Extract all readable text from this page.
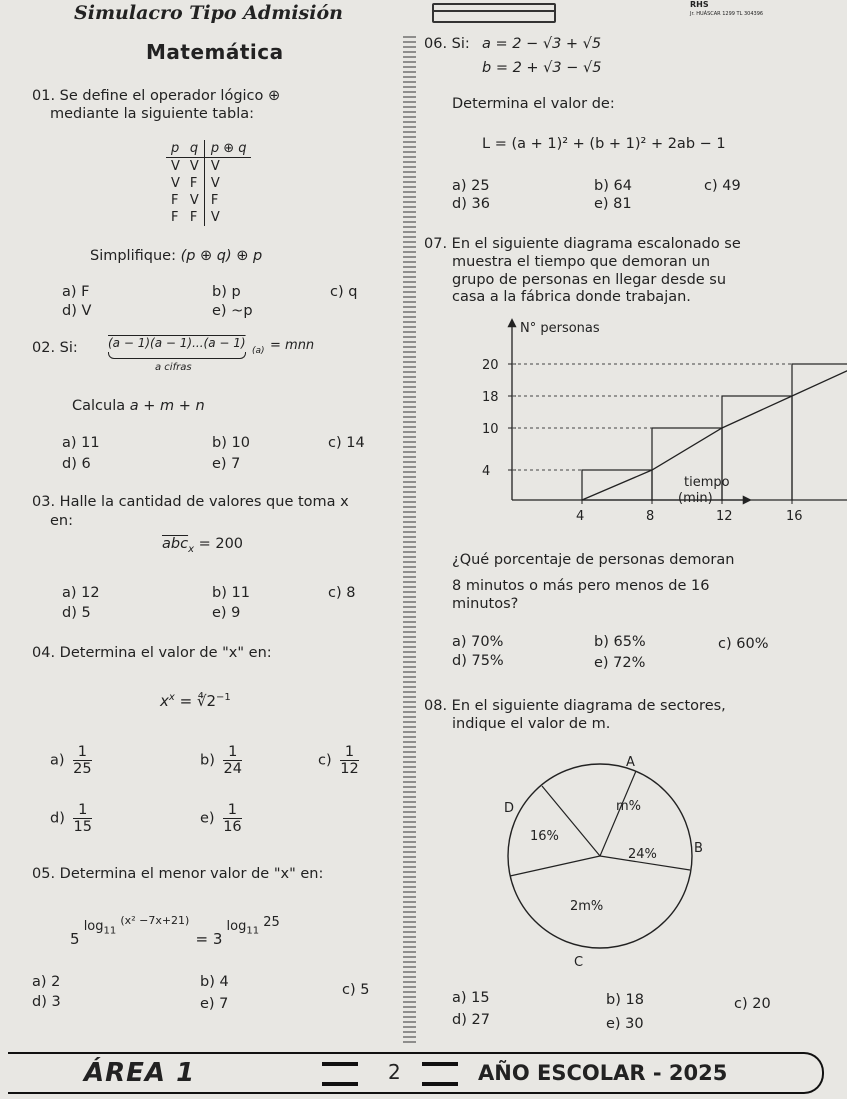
Simulacro Tipo Admisión	RHS
Jr. HUÁSCAR 1299 TL 304396
Matemática
01. Se define el operador lógico ⊕
mediante la siguiente tabla:
p	q	p ⊕ q
V	V	V
V	F	V
F	V	F
F	F	V
Simplifique: (p ⊕ q) ⊕ p
a) F	b) p	c) q
d) V	e) ~p
02. Si:	(a − 1)(a − 1)...(a − 1)
a cifras
(a) = mnn
Calcula a + m + n
a) 11	b) 10	c) 14
d) 6	e) 7
03. Halle la cantidad de valores que toma x
en:
$\overline{abc}_x = 200$
a) 12	b) 11	c) 8
d) 5	e) 9
04. Determina el valor de "x" en:
$x^x$ = $∜2^{-1}$
$a) \frac{1}{25}$	$b) \frac{1}{24}$	$c) \frac{1}{12}$
$d) \frac{1}{15}$	$e) \frac{1}{16}$
05. Determina el menor valor de "x" en:
5 $\log_{11} ^{(x^2 -7x+21)} = 3$ $\log_{11} 25$
a) 2	b) 4	c) 5
d) 3	e) 7
06. Si: a = 2 − √3 + √5
b = 2 + √3 − √5
Determina el valor de:
L = (a + 1)² + (b + 1)² + 2ab − 1
a) 25	b) 64	c) 49
d) 36	e) 81
07. En el siguiente diagrama escalonado se
muestra el tiempo que demoran un
grupo de personas en llegar desde su
casa a la fábrica donde trabajan.
N° personas
tiempo
(min)
4	8	12	16
4
10
18
20
¿Qué porcentaje de personas demoran
8 minutos o más pero menos de 16
minutos?
a) 70%	b) 65%	c) 60%
d) 75%	e) 72%
08. En el siguiente diagrama de sectores,
indique el valor de m.
A
B
C
D	m%
16%
24%
2m%
a) 15	b) 18	c) 20
d) 27	e) 30
ÁREA 1	2	AÑO ESCOLAR - 2025
